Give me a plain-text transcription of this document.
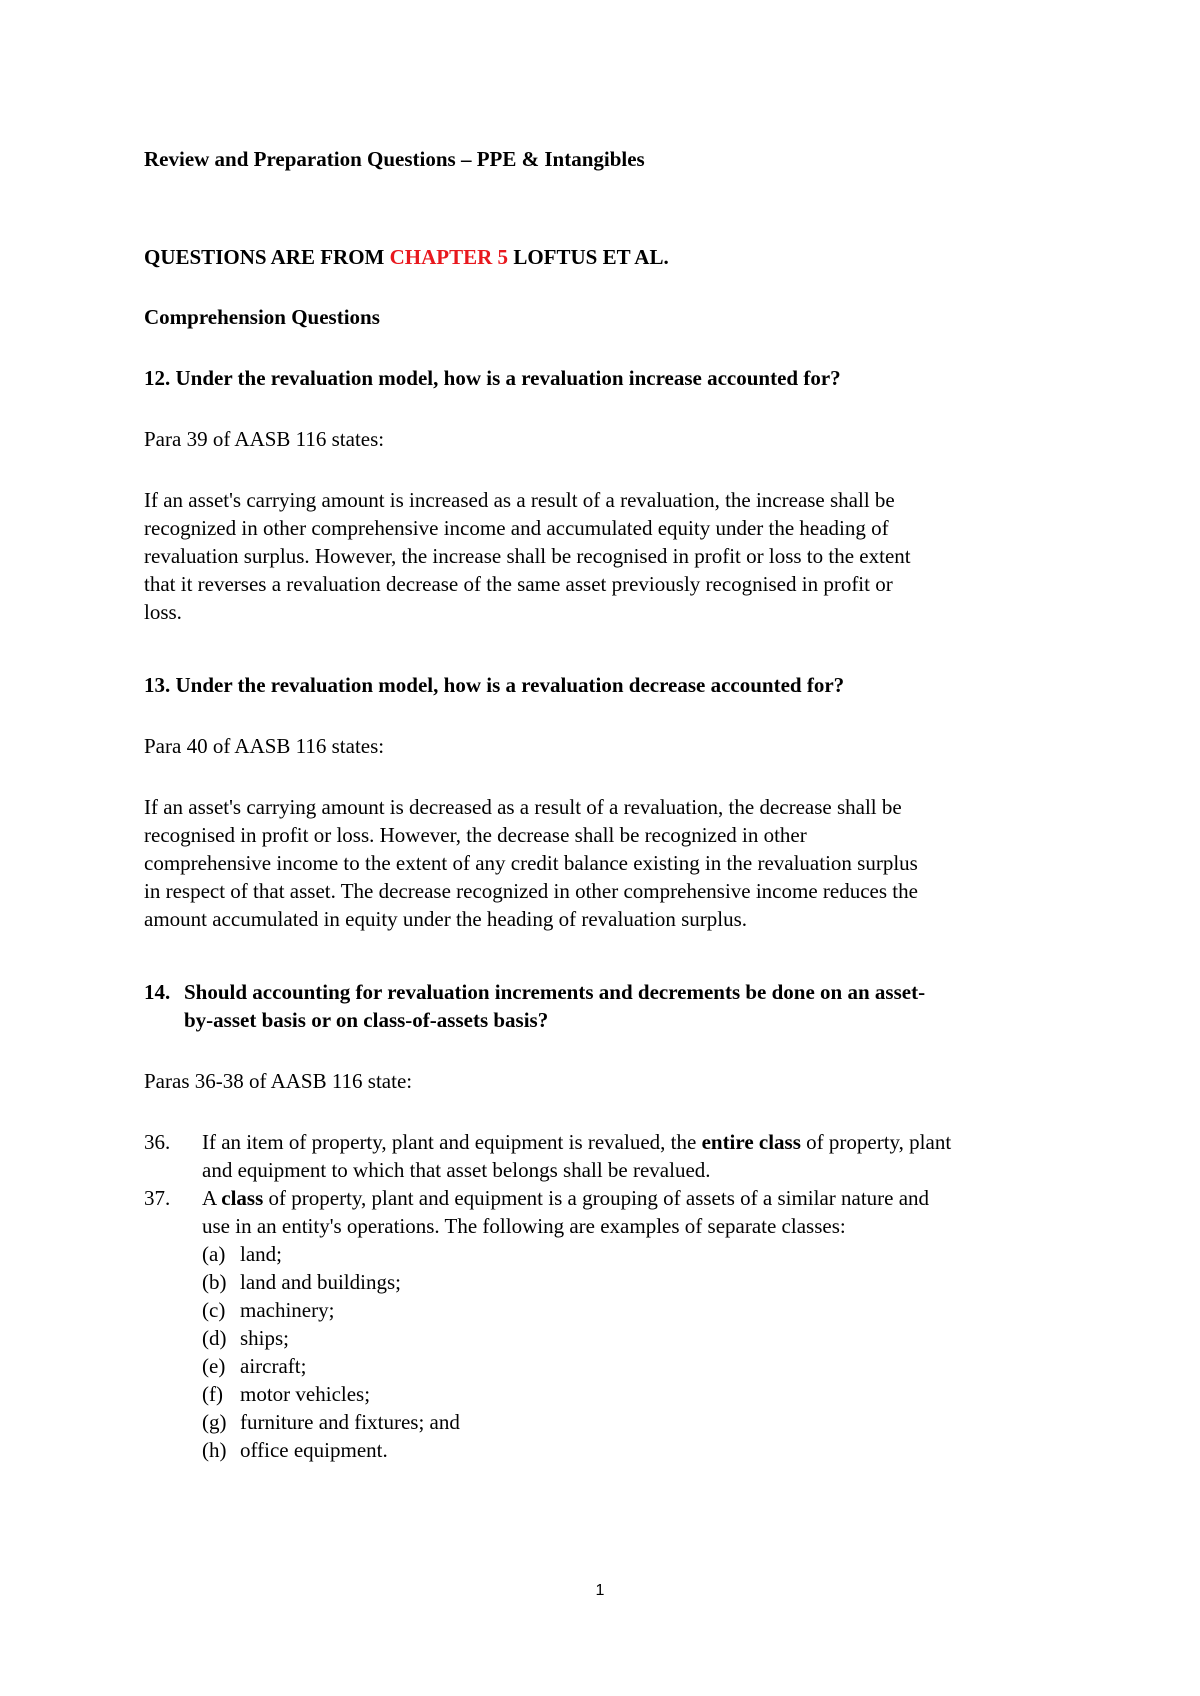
Review and Preparation Questions – PPE & Intangibles
QUESTIONS ARE FROM CHAPTER 5 LOFTUS ET AL.
Comprehension Questions
12. Under the revaluation model, how is a revaluation increase accounted for?
Para 39 of AASB 116 states:
If an asset's carrying amount is increased as a result of a revaluation, the increase shall be
recognized in other comprehensive income and accumulated equity under the heading of
revaluation surplus. However, the increase shall be recognised in profit or loss to the extent
that it reverses a revaluation decrease of the same asset previously recognised in profit or
loss.
13. Under the revaluation model, how is a revaluation decrease accounted for?
Para 40 of AASB 116 states:
If an asset's carrying amount is decreased as a result of a revaluation, the decrease shall be
recognised in profit or loss. However, the decrease shall be recognized in other
comprehensive income to the extent of any credit balance existing in the revaluation surplus
in respect of that asset. The decrease recognized in other comprehensive income reduces the
amount accumulated in equity under the heading of revaluation surplus.
14. Should accounting for revaluation increments and decrements be done on an asset-
by-asset basis or on class-of-assets basis?
Paras 36-38 of AASB 116 state:
36. If an item of property, plant and equipment is revalued, the entire class of property, plant
and equipment to which that asset belongs shall be revalued.
37. A class of property, plant and equipment is a grouping of assets of a similar nature and
use in an entity's operations. The following are examples of separate classes:
(a) land;
(b) land and buildings;
(c) machinery;
(d) ships;
(e) aircraft;
(f) motor vehicles;
(g) furniture and fixtures; and
(h) office equipment.
1
